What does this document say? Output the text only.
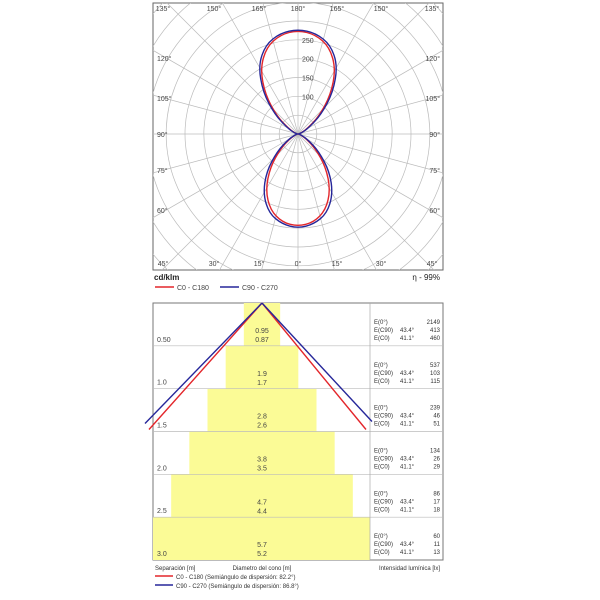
135°	150°	165°	180°	165°	150°	135°
45°	30°	15°	0°	15°	30°	45°
120°
105°
90°
75°
60°
120°
105°
90°
75°
60°
100
150
200
250
cd/klm	η - 99%
C0 - C180	C90 - C270
0.50
0.95
0.87
E(0°)	2149
E(C90) 43.4°	413
E(C0) 41.1°	460
1.0
1.9
1.7
E(0°)	537
E(C90) 43.4°	103
E(C0) 41.1°	115
1.5
2.8
2.6
E(0°)	239
E(C90) 43.4°	46
E(C0) 41.1°	51
2.0
3.8
3.5
E(0°)	134
E(C90) 43.4°	26
E(C0) 41.1°	29
2.5
4.7
4.4
E(0°)	86
E(C90) 43.4°	17
E(C0) 41.1°	18
3.0
5.7
5.2
E(0°)	60
E(C90) 43.4°	11
E(C0) 41.1°	13
Separación [m]	Diametro del cono [m]	Intensidad lumínica [lx]
C0 - C180 (Semiángulo de dispersión: 82.2°)
C90 - C270 (Semiángulo de dispersión: 86.8°)
